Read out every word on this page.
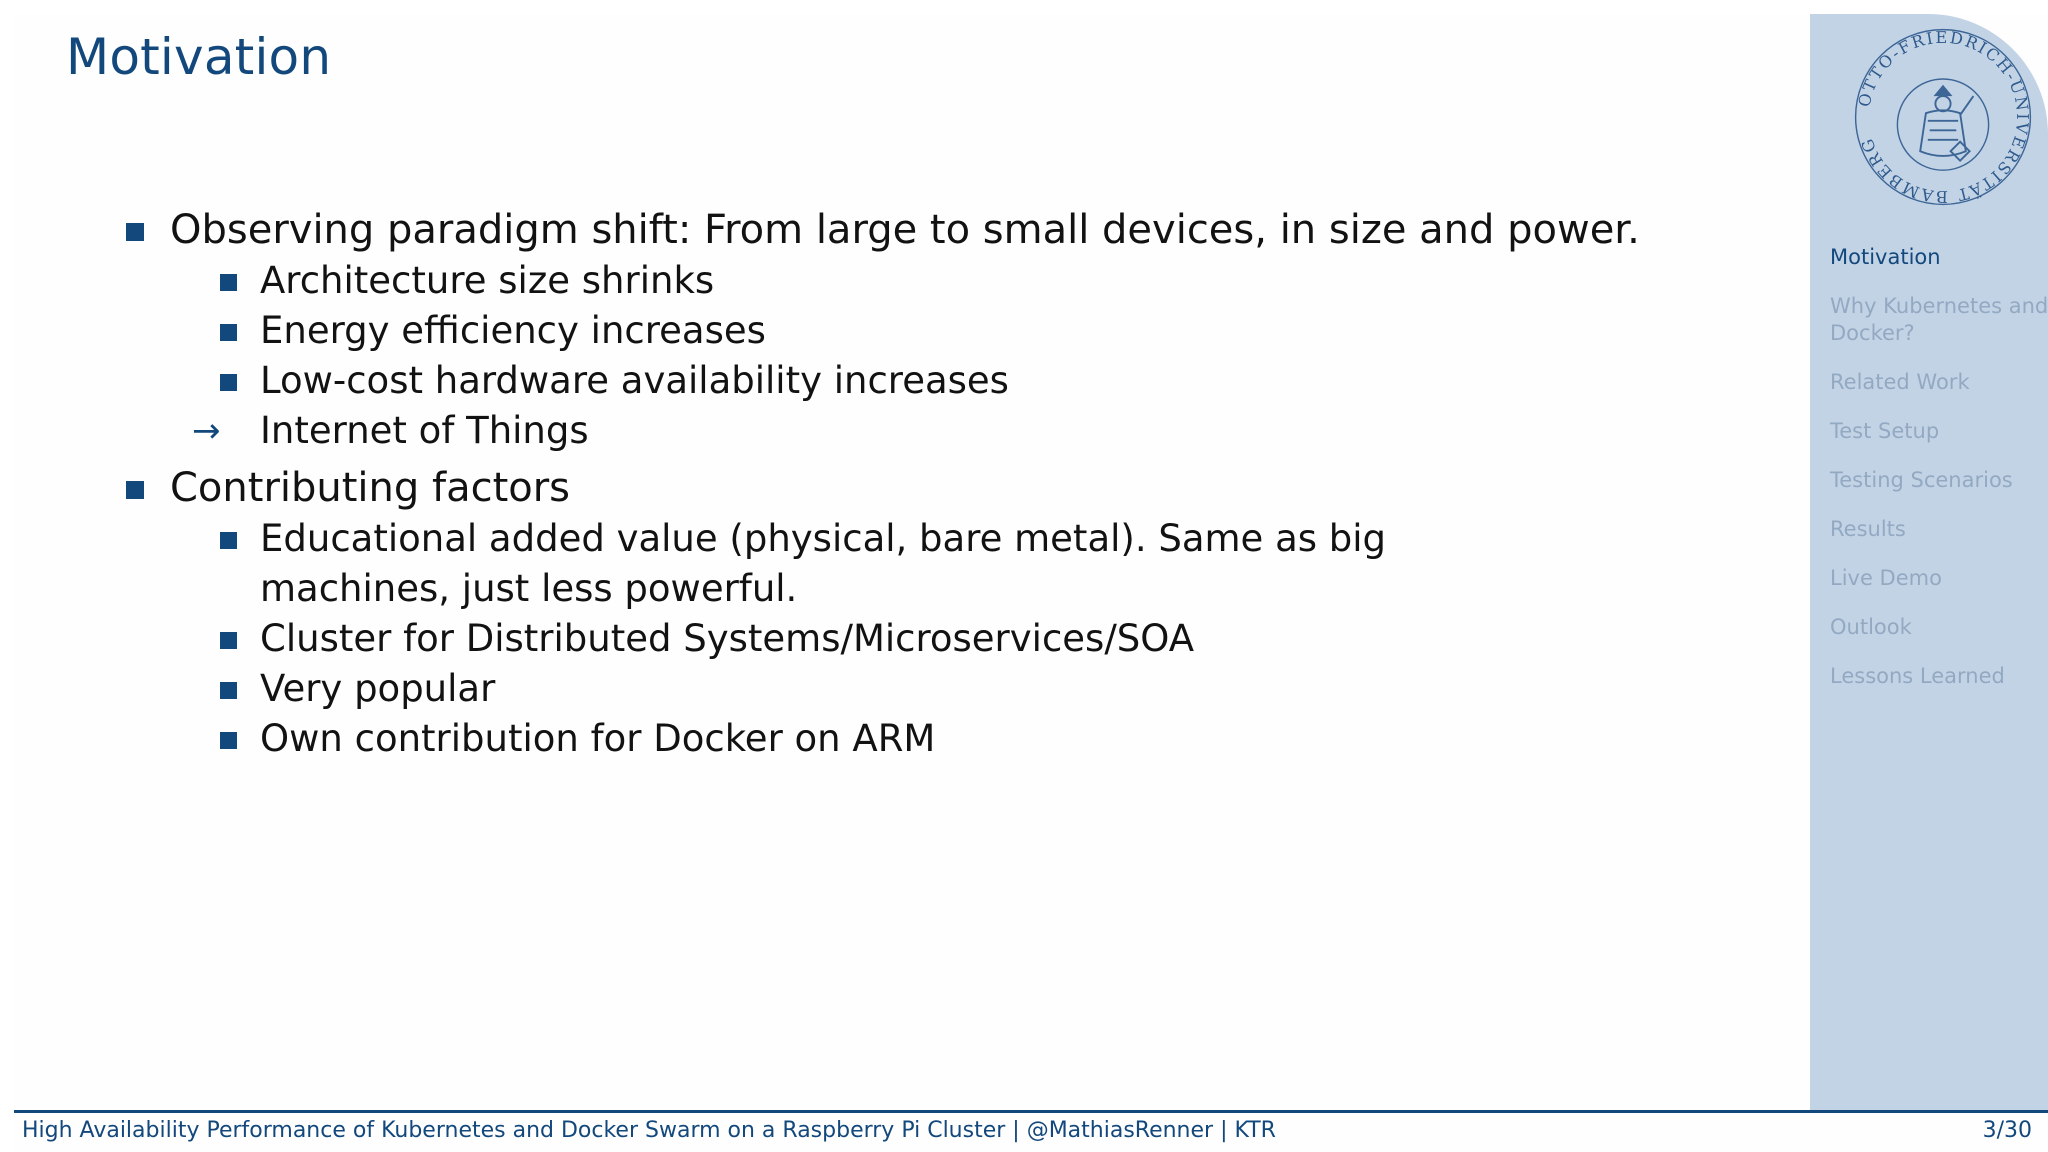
Motivation

Observing paradigm shift: From large to small devices, in size and power.

Architecture size shrinks

Energy efficiency increases

Low-cost hardware availability increases

→ Internet of Things

Contributing factors

Educational added value (physical, bare metal). Same as big machines, just less powerful.

Cluster for Distributed Systems/Microservices/SOA

Very popular

Own contribution for Docker on ARM

OTTO-FRIEDRICH-UNIVERSITÄT BAMBERG
Motivation
Why Kubernetes and Docker?
Related Work
Test Setup
Testing Scenarios
Results
Live Demo
Outlook
Lessons Learned
High Availability Performance of Kubernetes and Docker Swarm on a Raspberry Pi Cluster | @MathiasRenner | KTR	3/30
